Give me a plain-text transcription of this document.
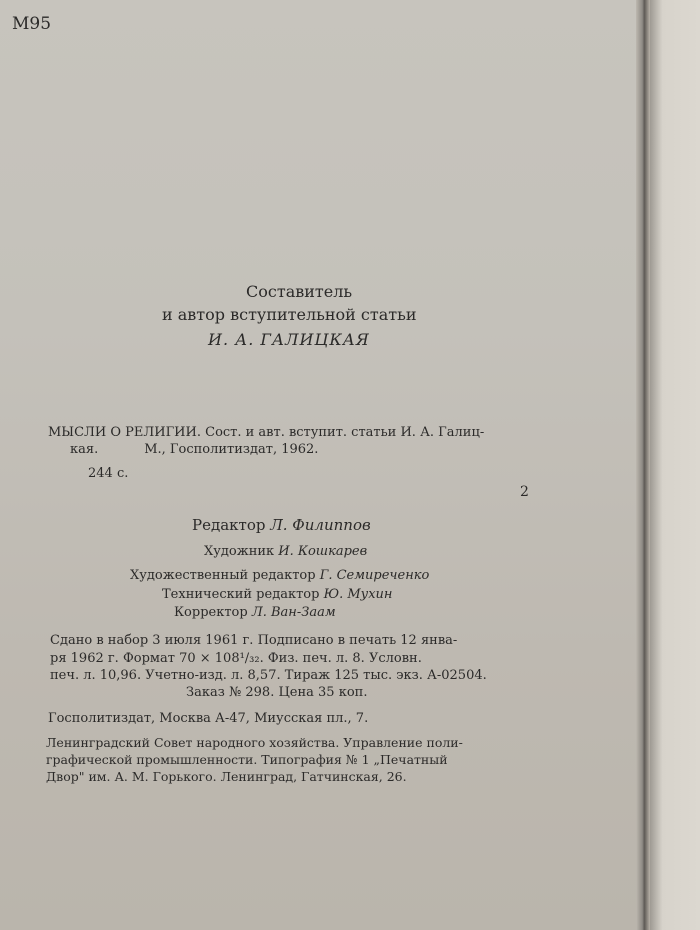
М95
Составитель
и автор вступительной статьи
И. А. ГАЛИЦКАЯ
МЫСЛИ О РЕЛИГИИ. Сост. и авт. вступит. статьи И. А. Галиц-
кая.	М., Госполитиздат, 1962.
244 с.
2
Редактор Л. Филиппов
Художник И. Кошкарев
Художественный редактор Г. Семиреченко
Технический редактор Ю. Мухин
Корректор Л. Ван-Заам
Сдано в набор 3 июля 1961 г. Подписано в печать 12 янва-
ря 1962 г. Формат 70 × 108¹/₃₂. Физ. печ. л. 8. Условн.
печ. л. 10,96. Учетно-изд. л. 8,57. Тираж 125 тыс. экз. А-02504.
Заказ № 298. Цена 35 коп.
Госполитиздат, Москва А-47, Миусская пл., 7.
Ленинградский Совет народного хозяйства. Управление поли-
графической промышленности. Типография № 1 „Печатный
Двор" им. А. М. Горького. Ленинград, Гатчинская, 26.
